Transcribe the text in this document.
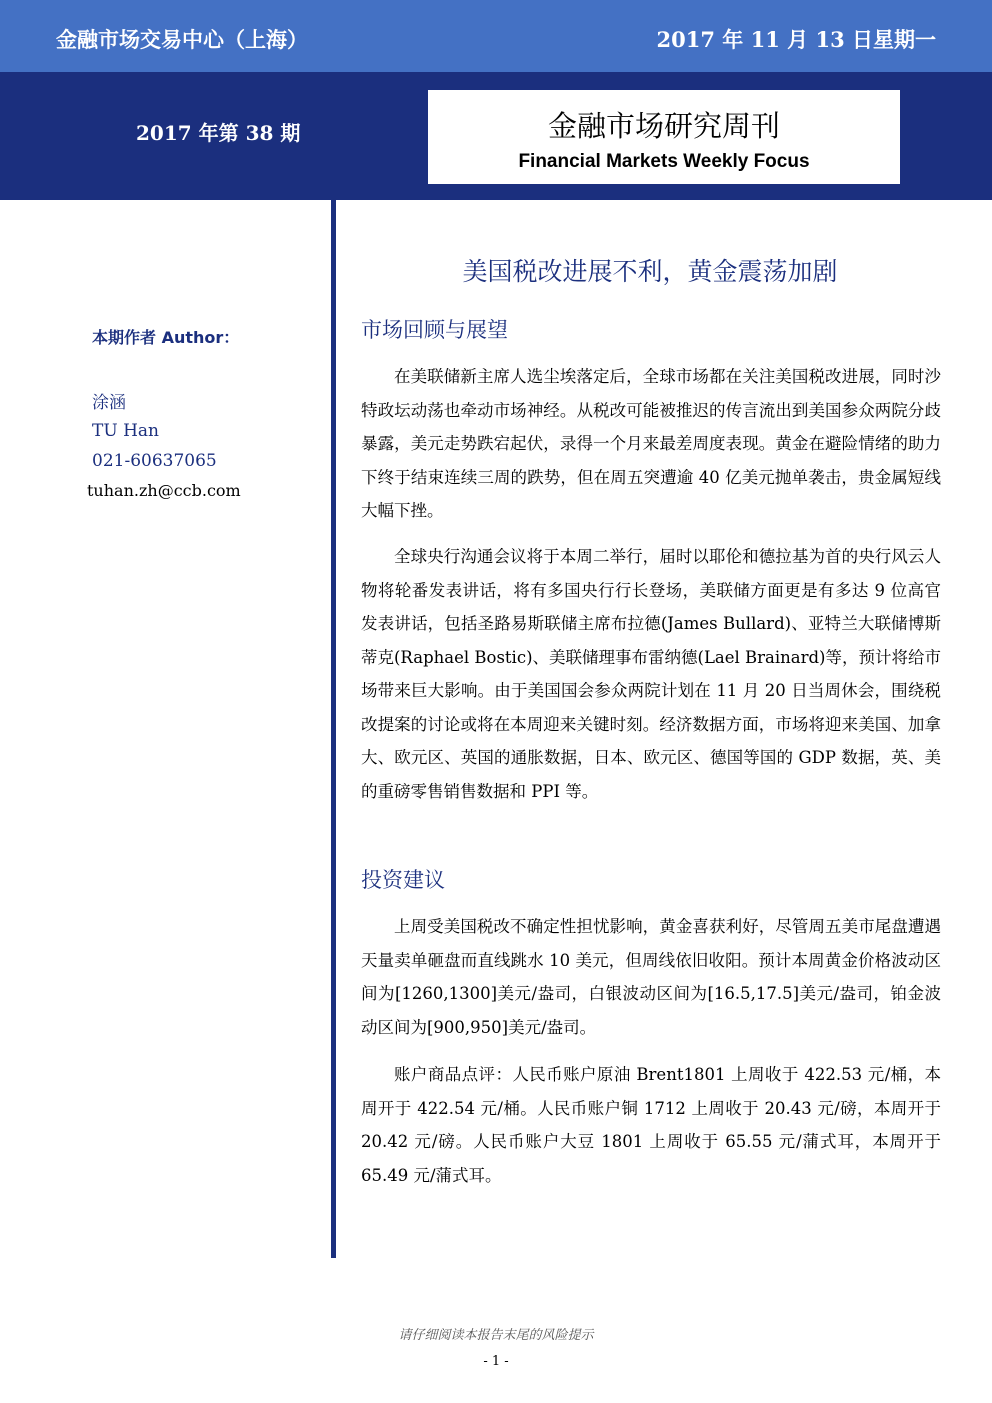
金融市场交易中心（上海）	2017 年 11 月 13 日星期一
2017 年第 38 期	金融市场研究周刊
Financial Markets Weekly Focus
本期作者 Author：
涂涵
TU Han
021-60637065
tuhan.zh@ccb.com
美国税改进展不利，黄金震荡加剧
市场回顾与展望

在美联储新主席人选尘埃落定后，全球市场都在关注美国税改进展，同时沙特政坛动荡也牵动市场神经。从税改可能被推迟的传言流出到美国参众两院分歧暴露，美元走势跌宕起伏，录得一个月来最差周度表现。黄金在避险情绪的助力下终于结束连续三周的跌势，但在周五突遭逾 40 亿美元抛单袭击，贵金属短线大幅下挫。

全球央行沟通会议将于本周二举行，届时以耶伦和德拉基为首的央行风云人物将轮番发表讲话，将有多国央行行长登场，美联储方面更是有多达 9 位高官发表讲话，包括圣路易斯联储主席布拉德(James Bullard)、亚特兰大联储博斯蒂克(Raphael Bostic)、美联储理事布雷纳德(Lael Brainard)等，预计将给市场带来巨大影响。由于美国国会参众两院计划在 11 月 20 日当周休会，围绕税改提案的讨论或将在本周迎来关键时刻。经济数据方面，市场将迎来美国、加拿大、欧元区、英国的通胀数据，日本、欧元区、德国等国的 GDP 数据，英、美的重磅零售销售数据和 PPI 等。

投资建议

上周受美国税改不确定性担忧影响，黄金喜获利好，尽管周五美市尾盘遭遇天量卖单砸盘而直线跳水 10 美元，但周线依旧收阳。预计本周黄金价格波动区间为[1260,1300]美元/盎司，白银波动区间为[16.5,17.5]美元/盎司，铂金波动区间为[900,950]美元/盎司。

账户商品点评：人民币账户原油 Brent1801 上周收于 422.53 元/桶，本周开于 422.54 元/桶。人民币账户铜 1712 上周收于 20.43 元/磅，本周开于 20.42 元/磅。人民币账户大豆 1801 上周收于 65.55 元/蒲式耳，本周开于 65.49 元/蒲式耳。

请仔细阅读本报告末尾的风险提示
- 1 -
